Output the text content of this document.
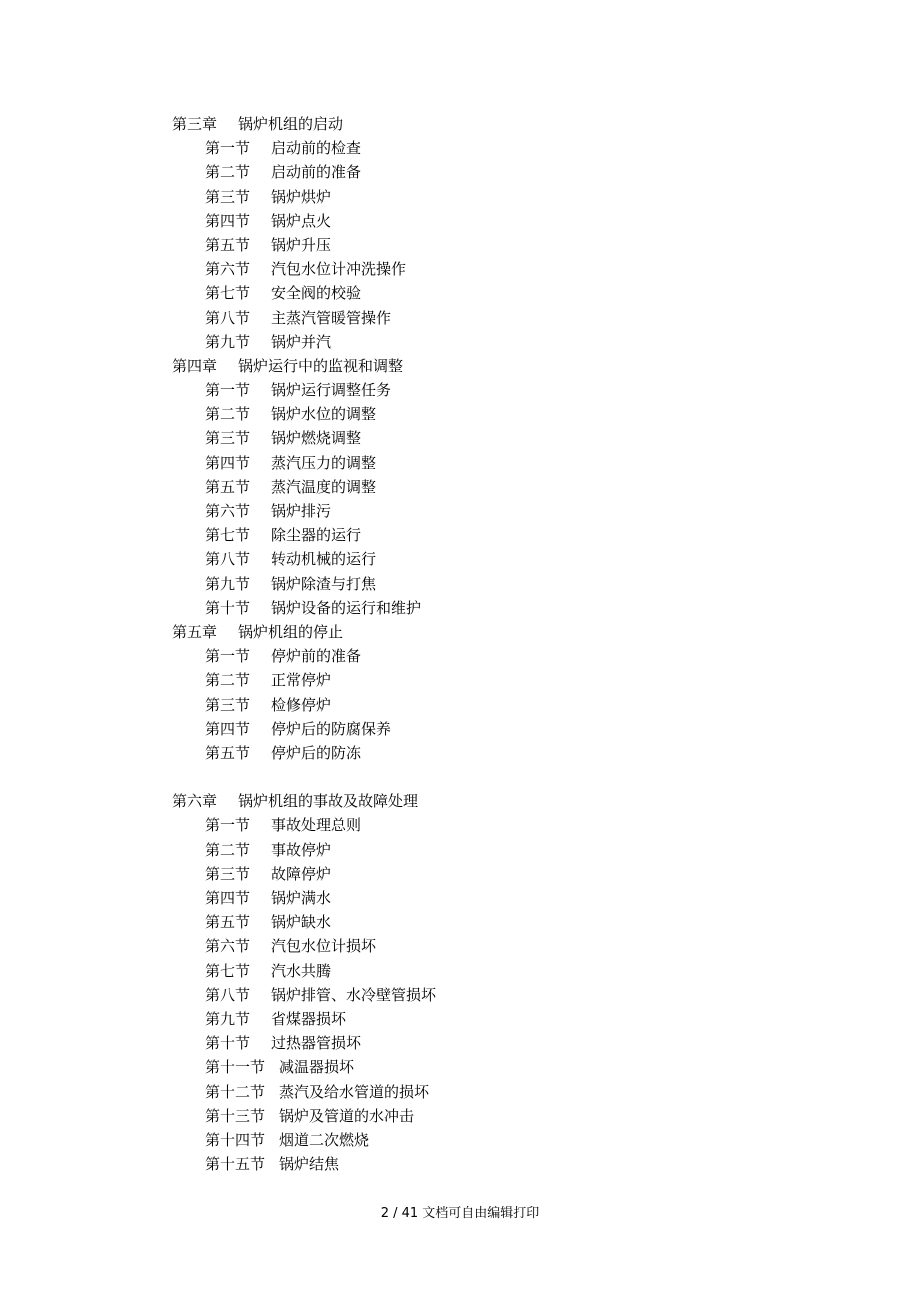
第三章 锅炉机组的启动
第一节 启动前的检查
第二节 启动前的准备
第三节 锅炉烘炉
第四节 锅炉点火
第五节 锅炉升压
第六节 汽包水位计冲洗操作
第七节 安全阀的校验
第八节 主蒸汽管暖管操作
第九节 锅炉并汽
第四章 锅炉运行中的监视和调整
第一节 锅炉运行调整任务
第二节 锅炉水位的调整
第三节 锅炉燃烧调整
第四节 蒸汽压力的调整
第五节 蒸汽温度的调整
第六节 锅炉排污
第七节 除尘器的运行
第八节 转动机械的运行
第九节 锅炉除渣与打焦
第十节 锅炉设备的运行和维护
第五章 锅炉机组的停止
第一节 停炉前的准备
第二节 正常停炉
第三节 检修停炉
第四节 停炉后的防腐保养
第五节 停炉后的防冻
第六章 锅炉机组的事故及故障处理
第一节 事故处理总则
第二节 事故停炉
第三节 故障停炉
第四节 锅炉满水
第五节 锅炉缺水
第六节 汽包水位计损坏
第七节 汽水共腾
第八节 锅炉排管、水冷壁管损坏
第九节 省煤器损坏
第十节 过热器管损坏
第十一节 减温器损坏
第十二节 蒸汽及给水管道的损坏
第十三节 锅炉及管道的水冲击
第十四节 烟道二次燃烧
第十五节 锅炉结焦
2 / 41 文档可自由编辑打印
